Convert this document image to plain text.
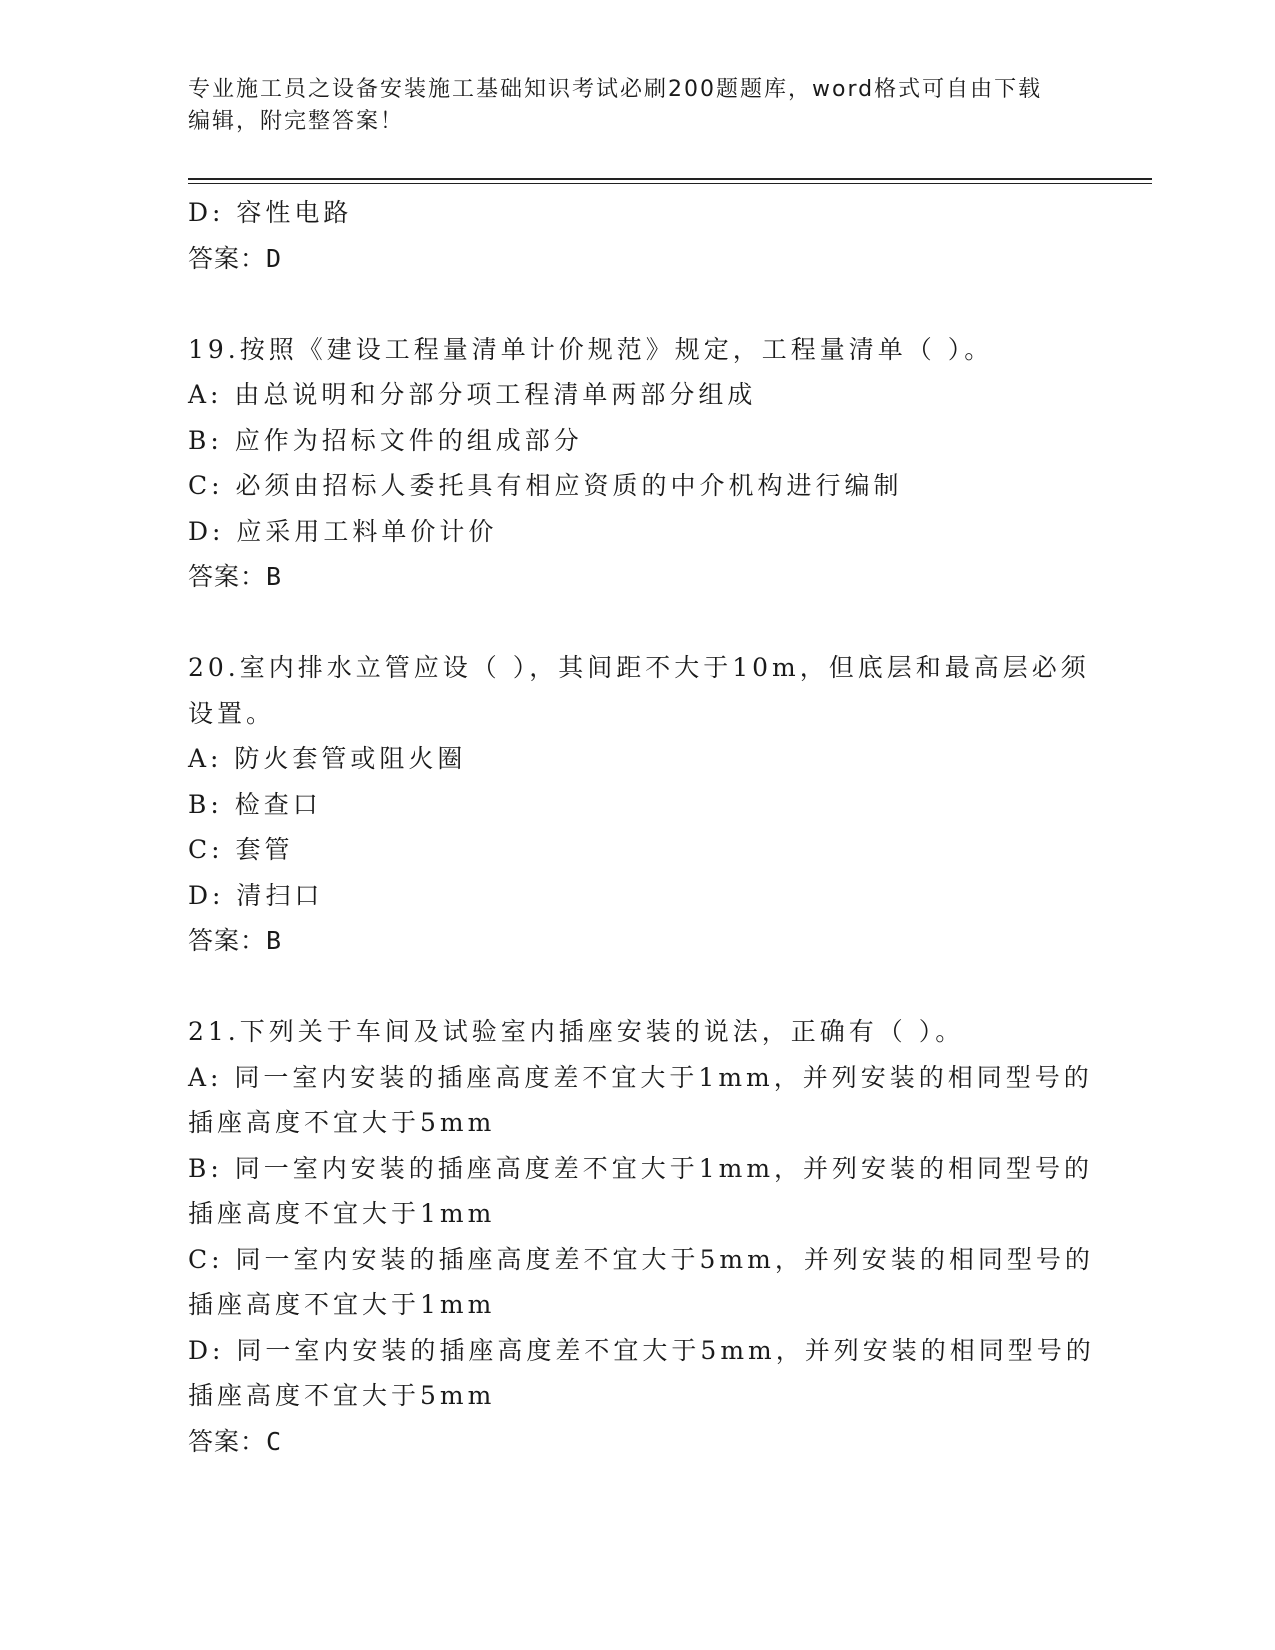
专业施工员之设备安装施工基础知识考试必刷200题题库，word格式可自由下载
编辑，附完整答案！
D: 容性电路
答案：D
19.按照《建设工程量清单计价规范》规定，工程量清单（ ）。
A: 由总说明和分部分项工程清单两部分组成
B: 应作为招标文件的组成部分
C: 必须由招标人委托具有相应资质的中介机构进行编制
D: 应采用工料单价计价
答案：B
20.室内排水立管应设（ ），其间距不大于10m，但底层和最高层必须
设置。
A: 防火套管或阻火圈
B: 检查口
C: 套管
D: 清扫口
答案：B
21.下列关于车间及试验室内插座安装的说法，正确有（ ）。
A: 同一室内安装的插座高度差不宜大于1mm，并列安装的相同型号的
插座高度不宜大于5mm
B: 同一室内安装的插座高度差不宜大于1mm，并列安装的相同型号的
插座高度不宜大于1mm
C: 同一室内安装的插座高度差不宜大于5mm，并列安装的相同型号的
插座高度不宜大于1mm
D: 同一室内安装的插座高度差不宜大于5mm，并列安装的相同型号的
插座高度不宜大于5mm
答案：C
